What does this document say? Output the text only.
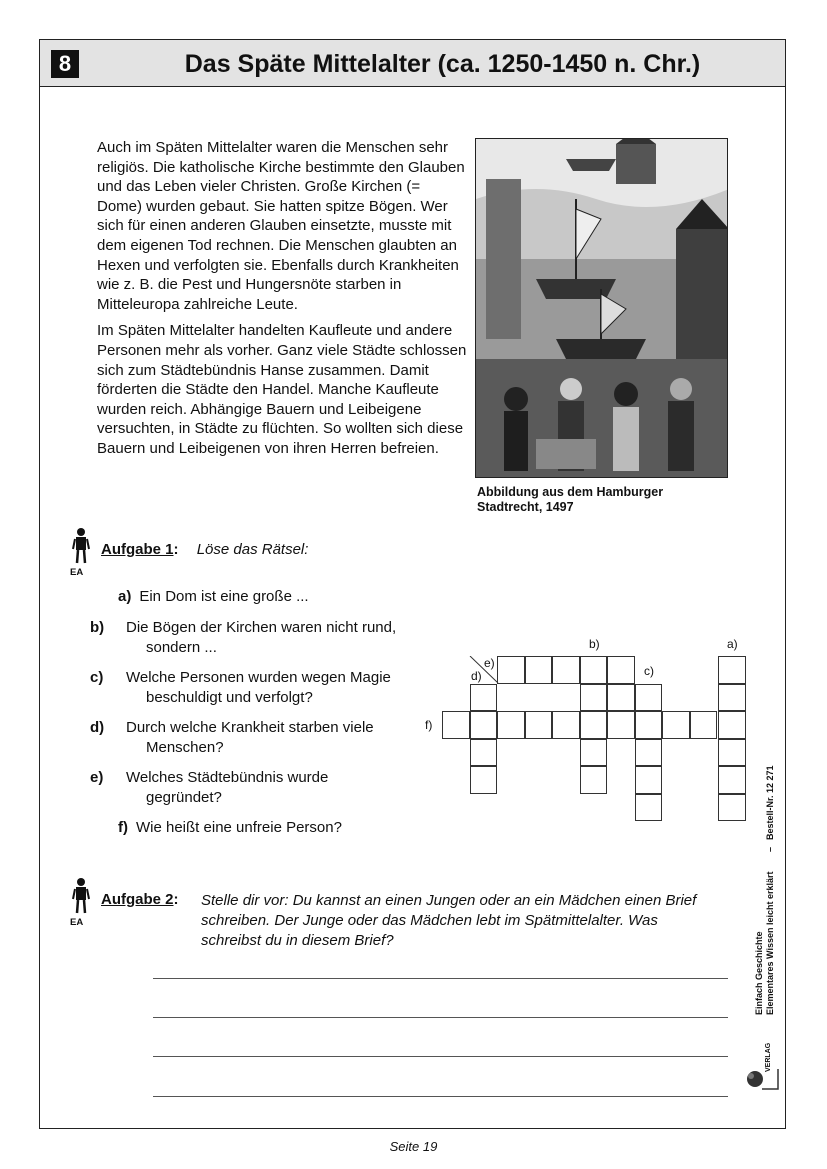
8	Das Späte Mittelalter (ca. 1250-1450 n. Chr.)

Auch im Späten Mittelalter waren die Menschen sehr religiös. Die katholische Kirche bestimmte den Glauben und das Leben vieler Christen. Große Kirchen (= Dome) wurden gebaut. Sie hatten spitze Bögen. Wer sich für einen anderen Glauben einsetzte, musste mit dem eigenen Tod rechnen. Die Menschen glaubten an Hexen und verfolgten sie. Ebenfalls durch Krankheiten wie z. B. die Pest und Hungersnöte starben in Mitteleuropa zahlreiche Leute.

Im Späten Mittelalter handelten Kaufleute und andere Personen mehr als vorher. Ganz viele Städte schlossen sich zum Städtebündnis Hanse zusammen. Damit förderten die Städte den Handel. Manche Kaufleute wurden reich. Abhängige Bauern und Leibeigene versuchten, in Städte zu flüchten. So wollten sich diese Bauern und Leibeigenen von ihren Herren befreien.

Abbildung aus dem Hamburger
Stadtrecht, 1497
EA
Aufgabe 1: Löse das Rätsel:
a) Ein Dom ist eine große ...
b) Die Bögen der Kirchen waren nicht rund, sondern ...
c) Welche Personen wurden wegen Magie beschuldigt und verfolgt?
d) Durch welche Krankheit starben viele Menschen?
e) Welches Städtebündnis wurde gegründet?
f) Wie heißt eine unfreie Person?
b)	a)
c)
e)
d)
f)
EA
Aufgabe 2: Stelle dir vor: Du kannst an einen Jungen oder an ein Mädchen einen Brief schreiben. Der Junge oder das Mädchen lebt im Spätmittelalter. Was schreibst du in diesem Brief?
Bestell-Nr. 12 271
–
Elementares Wissen leicht erklärt
Einfach Geschichte
VERLAG
Seite 19
